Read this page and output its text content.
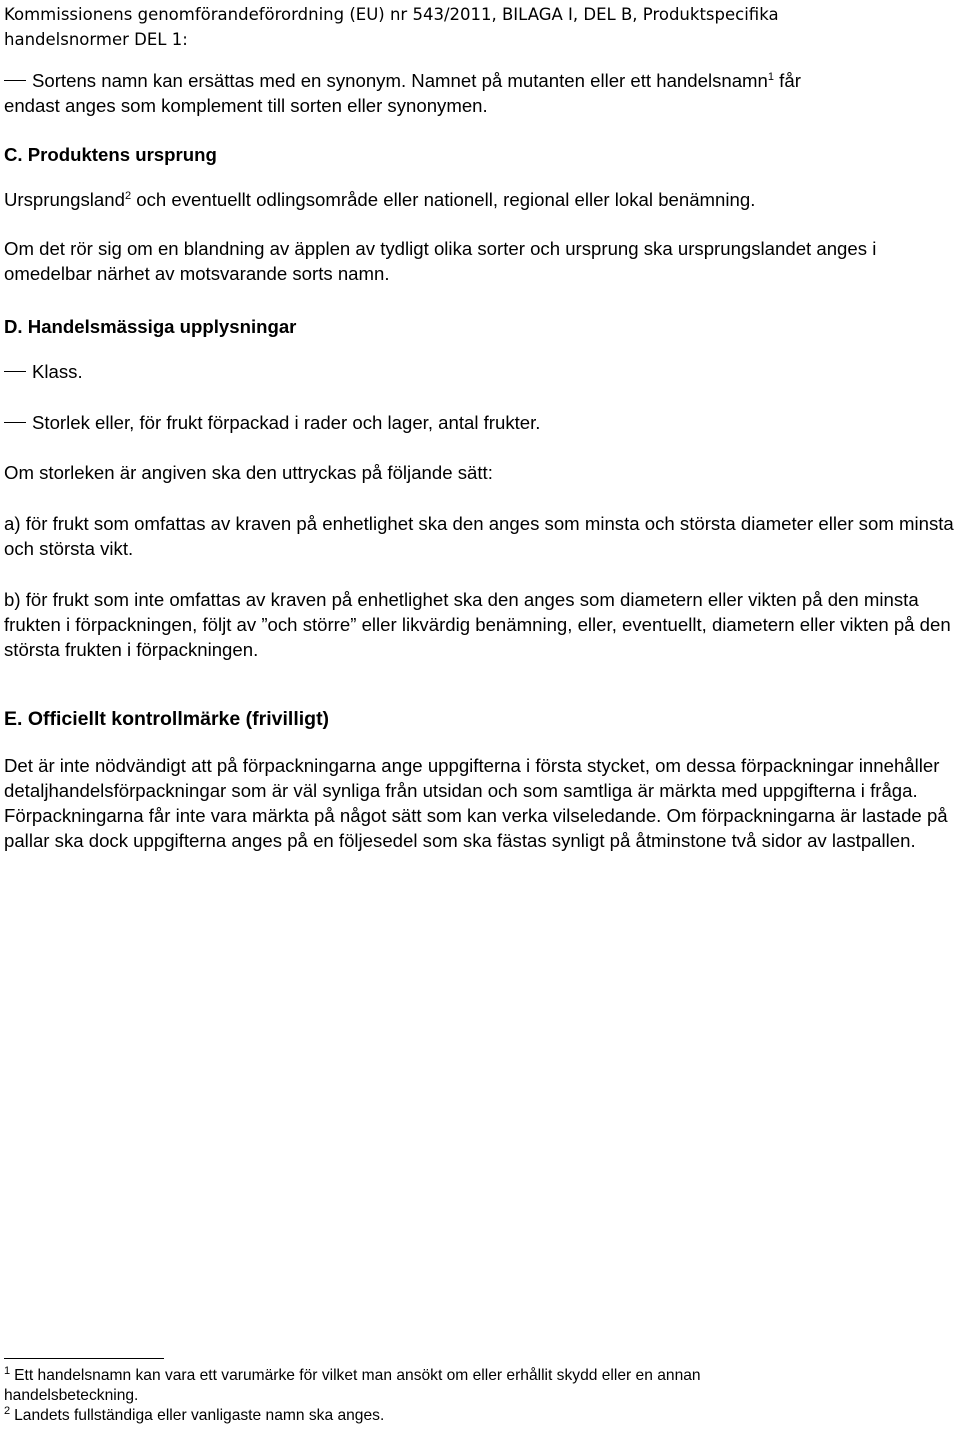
Kommissionens genomförandeförordning (EU) nr 543/2011, BILAGA I, DEL B, Produktspecifika
handelsnormer DEL 1:
Sortens namn kan ersättas med en synonym. Namnet på mutanten eller ett handelsnamn$^1$ får
endast anges som komplement till sorten eller synonymen.
C. Produktens ursprung
Ursprungsland$^2$ och eventuellt odlingsområde eller nationell, regional eller lokal benämning.
Om det rör sig om en blandning av äpplen av tydligt olika sorter och ursprung ska ursprungslandet anges i omedelbar närhet av motsvarande sorts namn.
D. Handelsmässiga upplysningar
Klass.
Storlek eller, för frukt förpackad i rader och lager, antal frukter.
Om storleken är angiven ska den uttryckas på följande sätt:
a) för frukt som omfattas av kraven på enhetlighet ska den anges som minsta och största diameter eller som minsta och största vikt.
b) för frukt som inte omfattas av kraven på enhetlighet ska den anges som diametern eller vikten på den minsta frukten i förpackningen, följt av ”och större” eller likvärdig benämning, eller, eventuellt, diametern eller vikten på den största frukten i förpackningen.
E. Officiellt kontrollmärke (frivilligt)
Det är inte nödvändigt att på förpackningarna ange uppgifterna i första stycket, om dessa förpackningar innehåller detaljhandelsförpackningar som är väl synliga från utsidan och som samtliga är märkta med uppgifterna i fråga. Förpackningarna får inte vara märkta på något sätt som kan verka vilseledande. Om förpackningarna är lastade på pallar ska dock uppgifterna anges på en följesedel som ska fästas synligt på åtminstone två sidor av lastpallen.
$^1$ Ett handelsnamn kan vara ett varumärke för vilket man ansökt om eller erhållit skydd eller en annan handelsbeteckning.
$^2$ Landets fullständiga eller vanligaste namn ska anges.
